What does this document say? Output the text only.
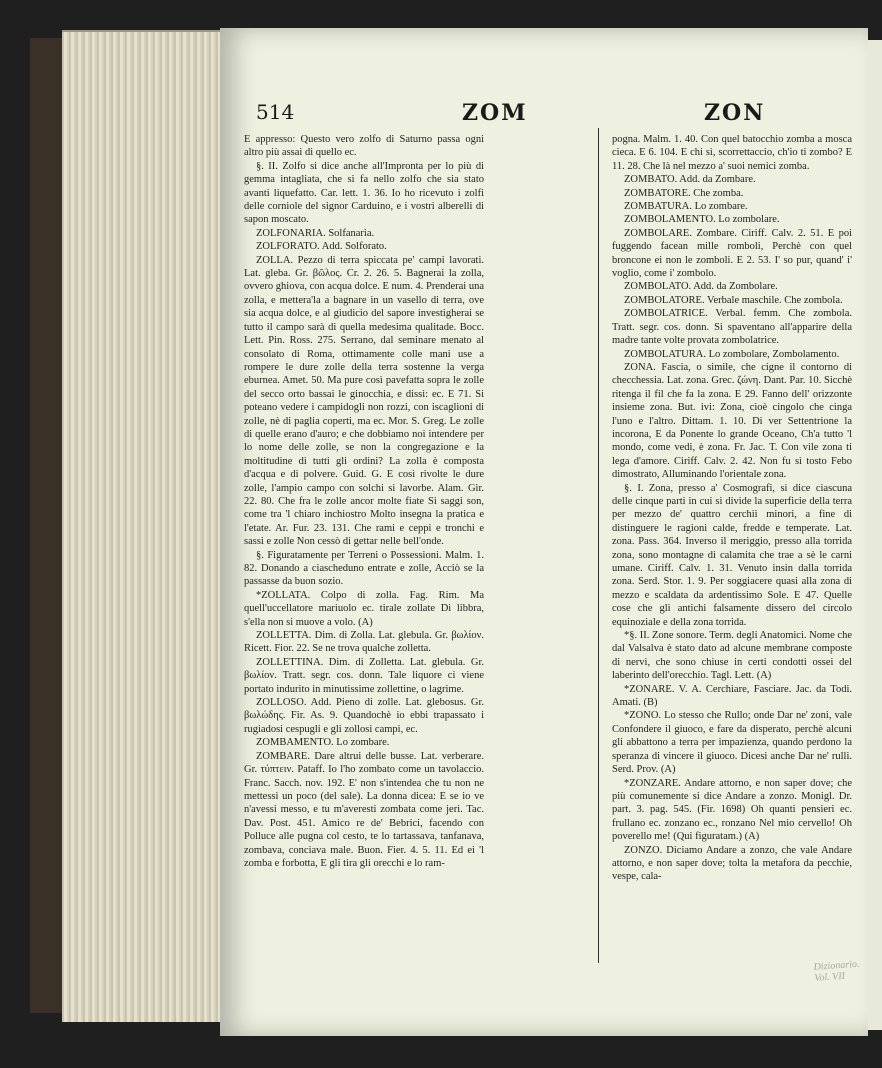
514	ZOM	ZON

E appresso: Questo vero zolfo di Saturno passa ogni altro più assai di quello ec.

§. II. Zolfo si dice anche all'Impronta per lo più di gemma intagliata, che si fa nello zolfo che sia stato avanti liquefatto. Car. lett. 1. 36. Io ho ricevuto i zolfi delle corniole del signor Carduino, e i vostri alberelli di sapon moscato.

ZOLFONARIA. Solfanaria.

ZOLFORATO. Add. Solforato.

ZOLLA. Pezzo di terra spiccata pe' campi lavorati. Lat. gleba. Gr. βῶλος. Cr. 2. 26. 5. Bagnerai la zolla, ovvero ghiova, con acqua dolce. E num. 4. Prenderai una zolla, e mettera'la a bagnare in un vasello di terra, ove sia acqua dolce, e al giudicio del sapore investigherai se tutto il campo sarà di quella medesima qualitade. Bocc. Lett. Pin. Ross. 275. Serrano, dal seminare menato al consolato di Roma, ottimamente colle mani use a rompere le dure zolle della terra sostenne la verga eburnea. Amet. 50. Ma pure così pavefatta sopra le zolle del secco orto bassai le ginocchia, e dissi: ec. E 71. Si poteano vedere i campidogli non rozzi, con iscaglioni di zolle, nè di paglia coperti, ma ec. Mor. S. Greg. Le zolle di quelle erano d'auro; e che dobbiamo noi intendere per lo nome delle zolle, se non la congregazione e la moltitudine di tutti gli ordini? La zolla è composta d'acqua e di polvere. Guid. G. E così rivolte le dure zolle, l'ampio campo con solchi si lavorbe. Alam. Gir. 22. 80. Che fra le zolle ancor molte fiate Si saggi son, come tra 'l chiaro inchiostro Molto insegna la pratica e l'etate. Ar. Fur. 23. 131. Che rami e ceppi e tronchi e sassi e zolle Non cessò di gettar nelle bell'onde.

§. Figuratamente per Terreni o Possessioni. Malm. 1. 82. Donando a ciascheduno entrate e zolle, Acciò se la passasse da buon sozio.

*ZOLLATA. Colpo di zolla. Fag. Rim. Ma quell'uccellatore mariuolo ec. tirale zollate Di libbra, s'ella non si muove a volo. (A)

ZOLLETTA. Dim. di Zolla. Lat. glebula. Gr. βωλίον. Ricett. Fior. 22. Se ne trova qualche zolletta.

ZOLLETTINA. Dim. di Zolletta. Lat. glebula. Gr. βωλίον. Tratt. segr. cos. donn. Tale liquore ci viene portato indurito in minutissime zollettine, o lagrime.

ZOLLOSO. Add. Pieno di zolle. Lat. glebosus. Gr. βωλώδης. Fir. As. 9. Quandochè io ebbi trapassato i rugiadosi cespugli e gli zollosi campi, ec.

ZOMBAMENTO. Lo zombare.

ZOMBARE. Dare altrui delle busse. Lat. verberare. Gr. τύπτειν. Pataff. Io l'ho zombato come un tavolaccio. Franc. Sacch. nov. 192. E' non s'intendea che tu non ne mettessi un poco (del sale). La donna dicea: E se io ve n'avessi messo, e tu m'averesti zombata come jeri. Tac. Dav. Post. 451. Amico re de' Bebrici, facendo con Polluce alle pugna col cesto, te lo tartassava, tanfanava, zombava, conciava male. Buon. Fier. 4. 5. 11. Ed ei 'l zomba e forbotta, E gli tira gli orecchi e lo ram-

pogna. Malm. 1. 40. Con quel batocchio zomba a mosca cieca. E 6. 104. E chi sì, scorrettaccio, ch'io ti zombo? E 11. 28. Che là nel mezzo a' suoi nemici zomba.

ZOMBATO. Add. da Zombare.

ZOMBATORE. Che zomba.

ZOMBATURA. Lo zombare.

ZOMBOLAMENTO. Lo zombolare.

ZOMBOLARE. Zombare. Ciriff. Calv. 2. 51. E poi fuggendo facean mille romboli, Perchè con quel bronconе ei non le zomboli. E 2. 53. I' so pur, quand' i' voglio, come i' zombolo.

ZOMBOLATO. Add. da Zombolare.

ZOMBOLATORE. Verbale maschile. Che zombola.

ZOMBOLATRICE. Verbal. femm. Che zombola. Tratt. segr. cos. donn. Si spaventano all'apparire della madre tante volte provata zombolatrice.

ZOMBOLATURA. Lo zombolare, Zombolamento.

ZONA. Fascia, o simile, che cigne il contorno di checchessia. Lat. zona. Grec. ζώνη. Dant. Par. 10. Sicchè ritenga il fil che fa la zona. E 29. Fanno dell' orizzonte insieme zona. But. ivi: Zona, cioè cingolo che cinga l'uno e l'altro. Dittam. 1. 10. Di ver Settentrione la incorona, E da Ponente lo grande Oceano, Ch'a tutto 'l mondo, come vedi, è zona. Fr. Jac. T. Con vile zona ti lega d'amore. Ciriff. Calv. 2. 42. Non fu sì tosto Febo dimostrato, Alluminando l'orientale zona.

§. I. Zona, presso a' Cosmografi, si dice ciascuna delle cinque parti in cui si divide la superficie della terra per mezzo de' quattro cerchii minori, a fine di distinguere le ragioni calde, fredde e temperate. Lat. zona. Pass. 364. Inverso il meriggio, presso alla torrida zona, sono montagne di calamita che trae a sè le carni umane. Ciriff. Calv. 1. 31. Venuto insin dalla torrida zona. Serd. Stor. 1. 9. Per soggiacere quasi alla zona di mezzo e scaldata da ardentissimo Sole. E 47. Quelle cose che gli antichi falsamente dissero del circolo equinoziale e della zona torrida.

*§. II. Zone sonore. Term. degli Anatomici. Nome che dal Valsalva è stato dato ad alcune membrane composte di nervi, che sono chiuse in certi condotti ossei del laberinto dell'orecchio. Tagl. Lett. (A)

*ZONARE. V. A. Cerchiare, Fasciare. Jac. da Todi. Amati. (B)

*ZONO. Lo stesso che Rullo; onde Dar ne' zoni, vale Confondere il giuoco, e fare da disperato, perchè alcuni gli abbattono a terra per impazienza, quando perdono la speranza di vincere il giuoco. Dicesi anche Dar ne' rulli. Serd. Prov. (A)

*ZONZARE. Andare attorno, e non saper dove; che più comunemente si dice Andare a zonzo. Monigl. Dr. part. 3. pag. 545. (Fir. 1698) Oh quanti pensieri ec. frullano ec. zonzano ec., ronzano Nel mio cervello! Oh poverello me! (Qui figuratam.) (A)

ZONZO. Diciamo Andare a zonzo, che vale Andare attorno, e non saper dove; tolta la metafora da pecchie, vespe, cala-

Dizionario. Vol. VII
